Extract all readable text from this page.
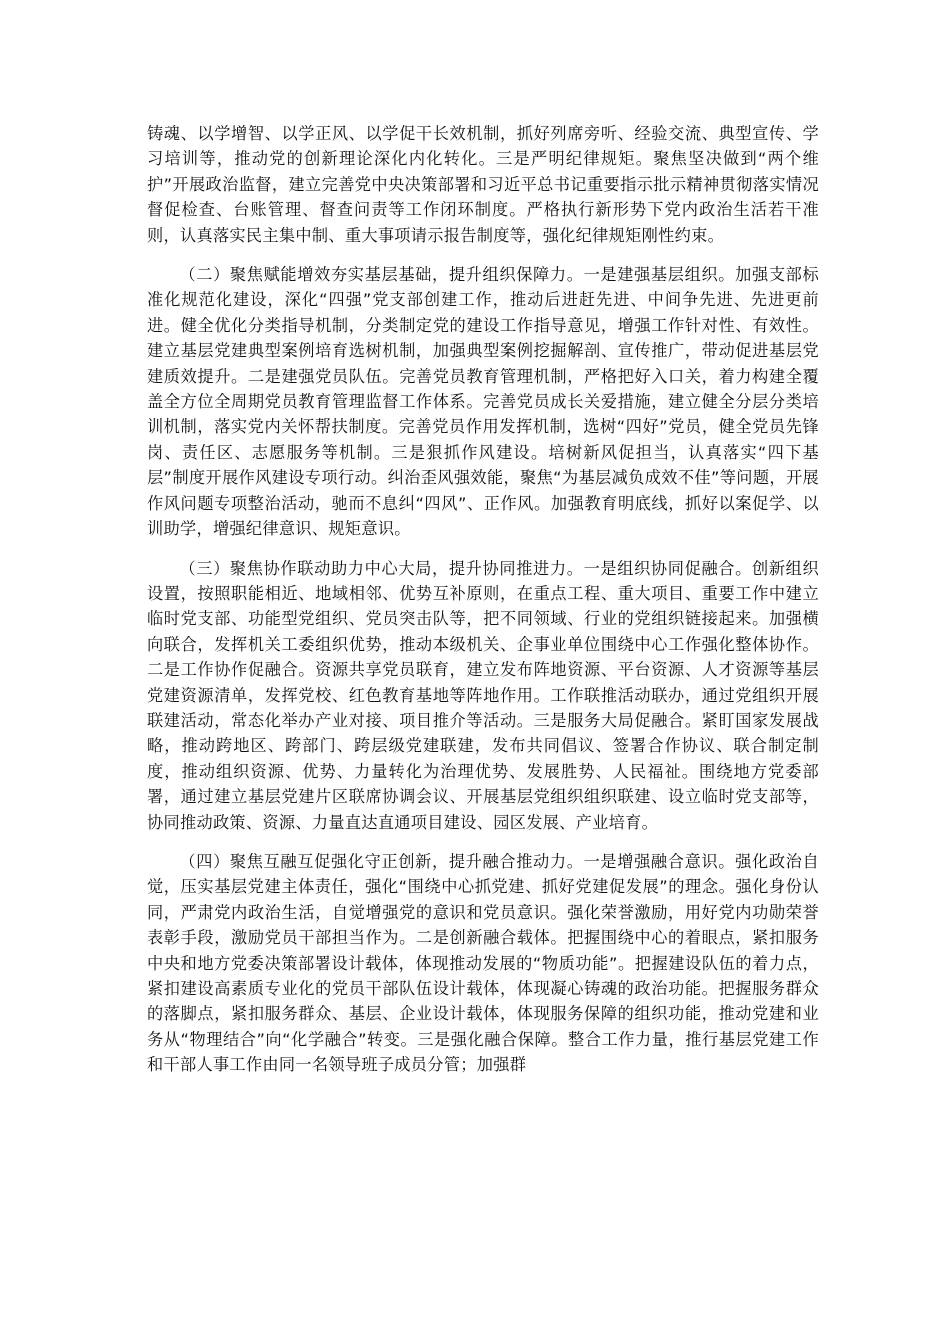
铸魂、以学增智、以学正风、以学促干长效机制，抓好列席旁听、经验交流、典型宣传、学习培训等，推动党的创新理论深化内化转化。三是严明纪律规矩。聚焦坚决做到“两个维护”开展政治监督，建立完善党中央决策部署和习近平总书记重要指示批示精神贯彻落实情况督促检查、台账管理、督查问责等工作闭环制度。严格执行新形势下党内政治生活若干准则，认真落实民主集中制、重大事项请示报告制度等，强化纪律规矩刚性约束。

（二）聚焦赋能增效夯实基层基础，提升组织保障力。一是建强基层组织。加强支部标准化规范化建设，深化“四强”党支部创建工作，推动后进赶先进、中间争先进、先进更前进。健全优化分类指导机制，分类制定党的建设工作指导意见，增强工作针对性、有效性。建立基层党建典型案例培育选树机制，加强典型案例挖掘解剖、宣传推广，带动促进基层党建质效提升。二是建强党员队伍。完善党员教育管理机制，严格把好入口关，着力构建全覆盖全方位全周期党员教育管理监督工作体系。完善党员成长关爱措施，建立健全分层分类培训机制，落实党内关怀帮扶制度。完善党员作用发挥机制，选树“四好”党员，健全党员先锋岗、责任区、志愿服务等机制。三是狠抓作风建设。培树新风促担当，认真落实“四下基层”制度开展作风建设专项行动。纠治歪风强效能，聚焦“为基层减负成效不佳”等问题，开展作风问题专项整治活动，驰而不息纠“四风”、正作风。加强教育明底线，抓好以案促学、以训助学，增强纪律意识、规矩意识。

（三）聚焦协作联动助力中心大局，提升协同推进力。一是组织协同促融合。创新组织设置，按照职能相近、地域相邻、优势互补原则，在重点工程、重大项目、重要工作中建立临时党支部、功能型党组织、党员突击队等，把不同领域、行业的党组织链接起来。加强横向联合，发挥机关工委组织优势，推动本级机关、企事业单位围绕中心工作强化整体协作。二是工作协作促融合。资源共享党员联育，建立发布阵地资源、平台资源、人才资源等基层党建资源清单，发挥党校、红色教育基地等阵地作用。工作联推活动联办，通过党组织开展联建活动，常态化举办产业对接、项目推介等活动。三是服务大局促融合。紧盯国家发展战略，推动跨地区、跨部门、跨层级党建联建，发布共同倡议、签署合作协议、联合制定制度，推动组织资源、优势、力量转化为治理优势、发展胜势、人民福祉。围绕地方党委部署，通过建立基层党建片区联席协调会议、开展基层党组织组织联建、设立临时党支部等，协同推动政策、资源、力量直达直通项目建设、园区发展、产业培育。

（四）聚焦互融互促强化守正创新，提升融合推动力。一是增强融合意识。强化政治自觉，压实基层党建主体责任，强化“围绕中心抓党建、抓好党建促发展”的理念。强化身份认同，严肃党内政治生活，自觉增强党的意识和党员意识。强化荣誉激励，用好党内功勋荣誉表彰手段，激励党员干部担当作为。二是创新融合载体。把握围绕中心的着眼点，紧扣服务中央和地方党委决策部署设计载体，体现推动发展的“物质功能”。把握建设队伍的着力点，紧扣建设高素质专业化的党员干部队伍设计载体，体现凝心铸魂的政治功能。把握服务群众的落脚点，紧扣服务群众、基层、企业设计载体，体现服务保障的组织功能，推动党建和业务从“物理结合”向“化学融合”转变。三是强化融合保障。整合工作力量，推行基层党建工作和干部人事工作由同一名领导班子成员分管；加强群
